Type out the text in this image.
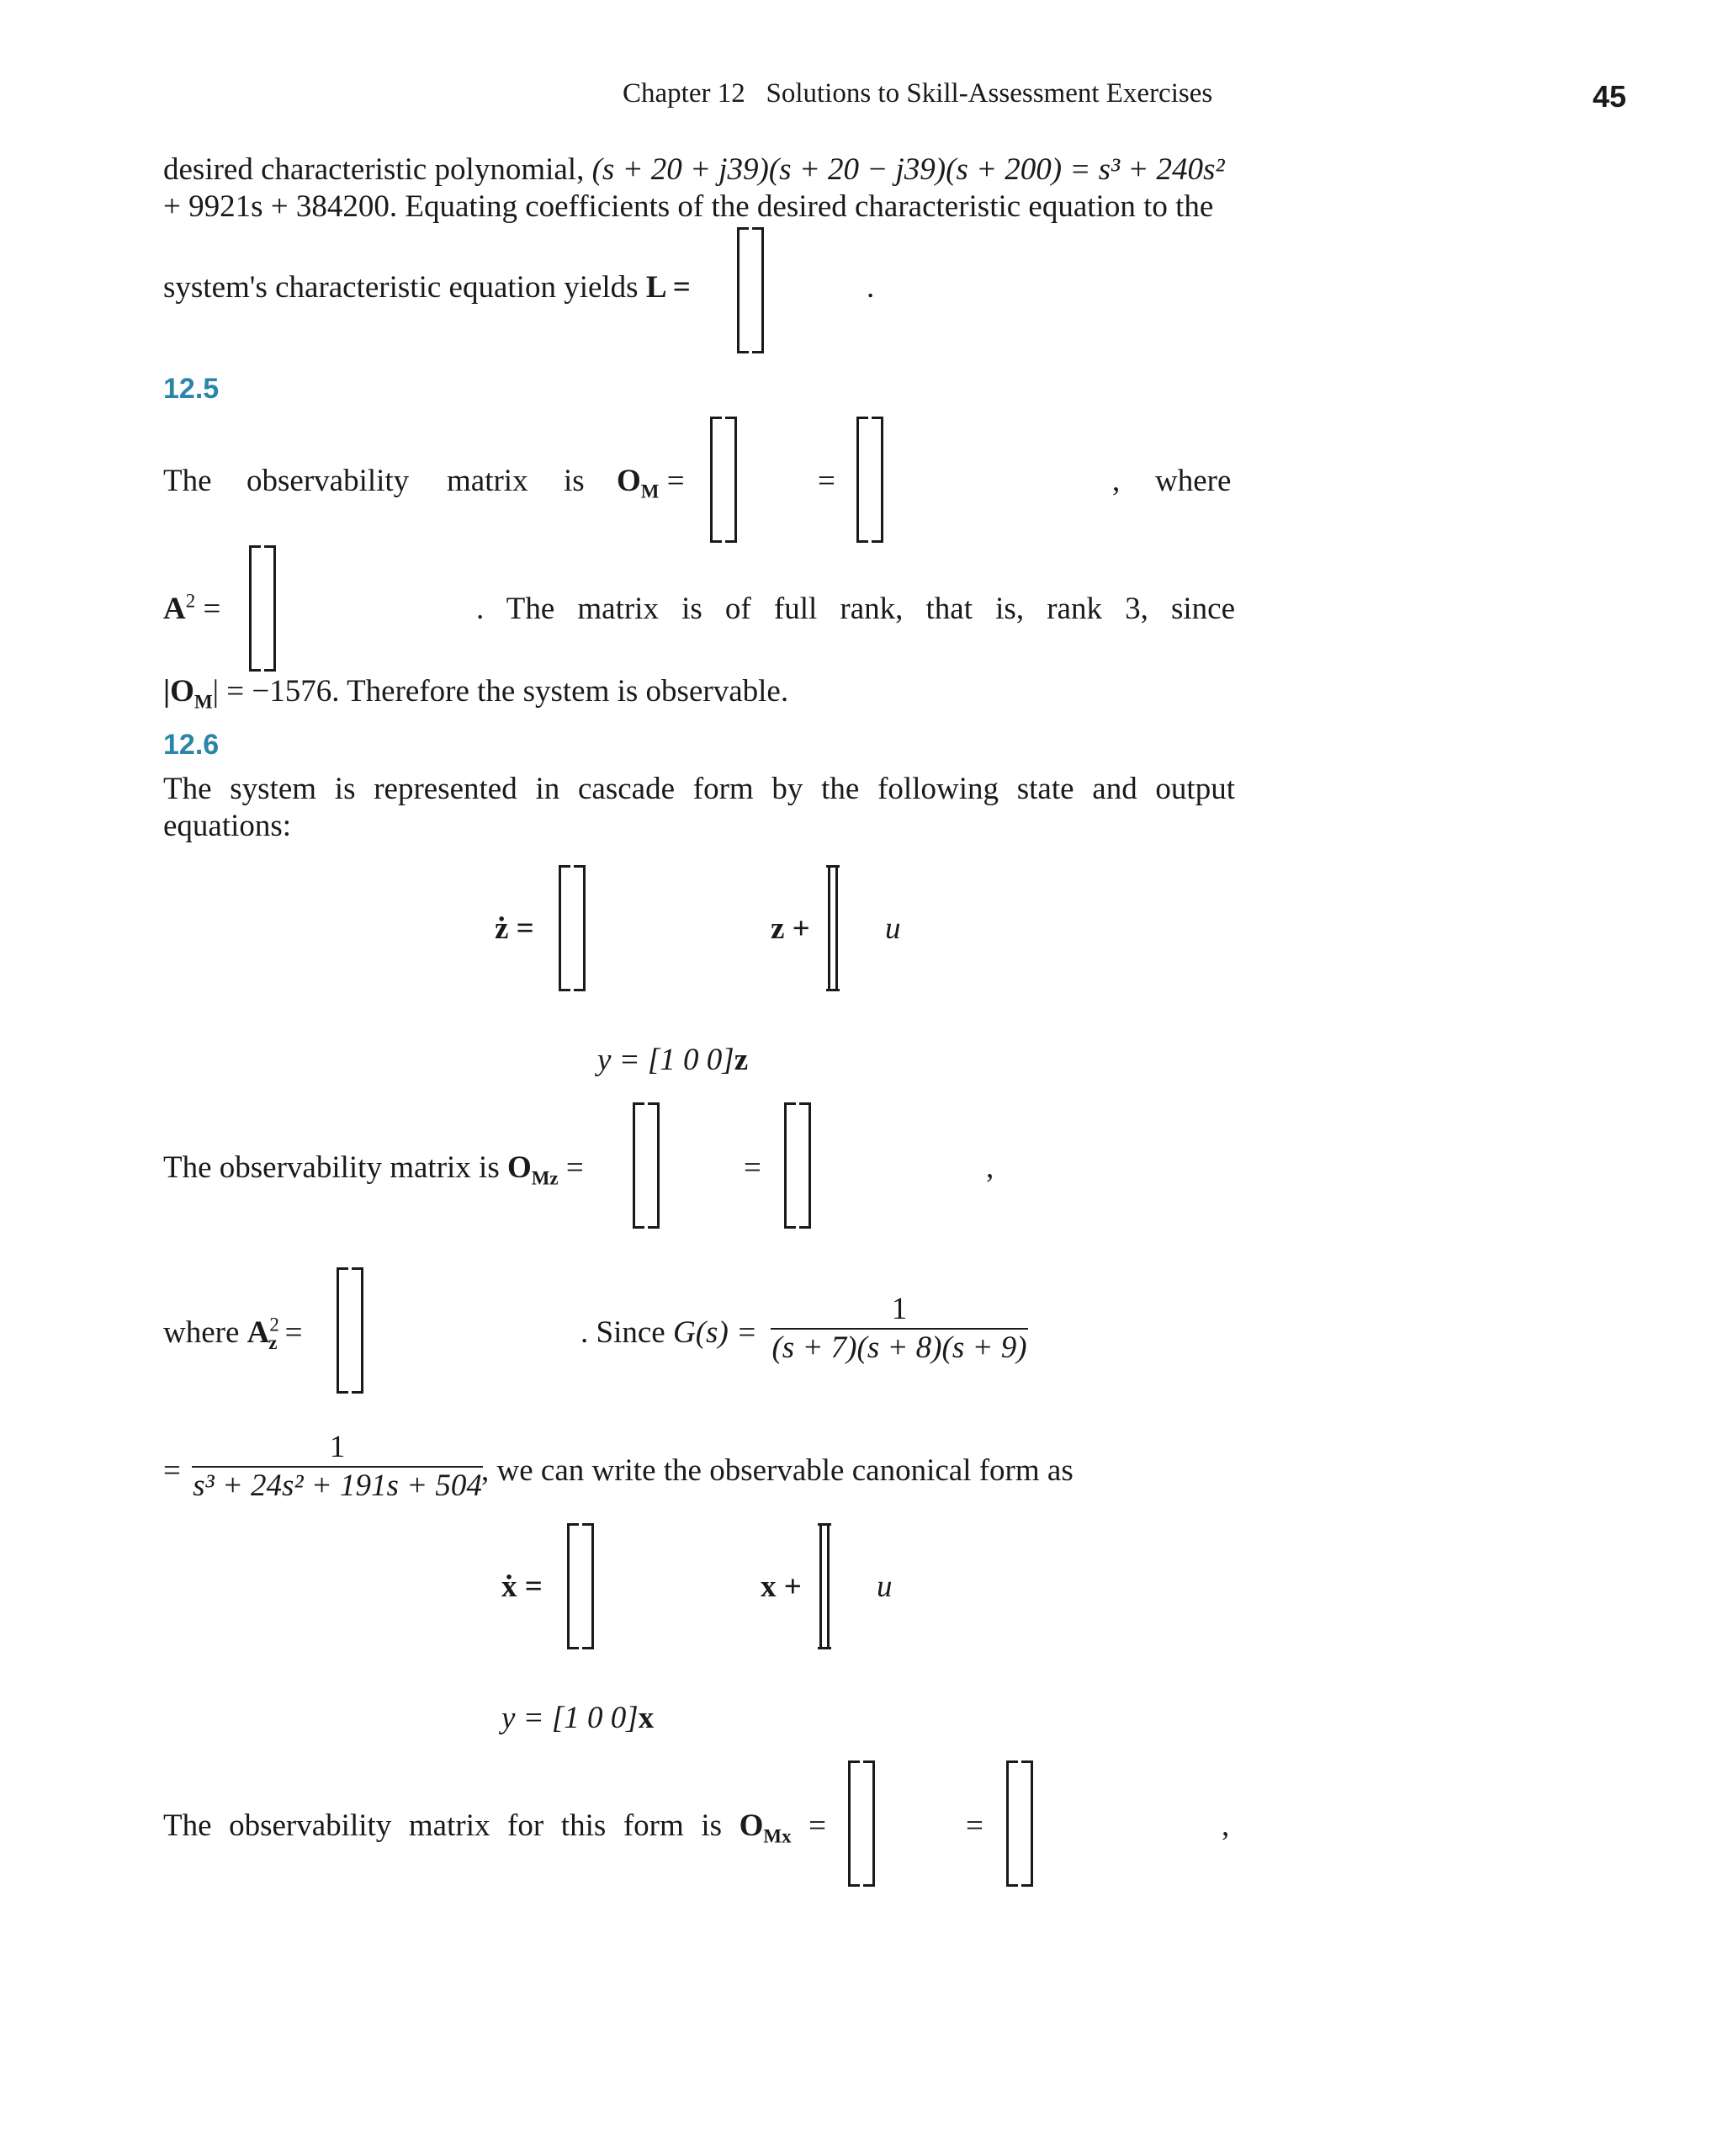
Chapter 12 Solutions to Skill-Assessment Exercises	45
desired characteristic polynomial, (s + 20 + j39)(s + 20 − j39)(s + 200) = s³ + 240s²
+ 9921s + 384200. Equating coefficients of the desired characteristic equation to the
system's characteristic equation yields L =	.
12.5
The observability matrix is $O_M$ =	=	, where
$A^2$ =	. The matrix is of full rank, that is, rank 3, since
$|O_M| = -1576$. Therefore the system is observable.
12.6
The system is represented in cascade form by the following state and output equations:
ż =	z + u
y = [1 0 0]z
The observability matrix is $O_{Mz}$ =	=	,
where $A^2_z$ =	. Since $G(s) = \frac{1}{(s + 7)(s + 8)(s + 9)}$
= $\frac{1}{\text{s³ + 24s² + 191s + 504}}$
, we can write the observable canonical form as
ẋ =	x + u
y = [1 0 0]x
The observability matrix for this form is $O_{Mx}$ =	=	,
